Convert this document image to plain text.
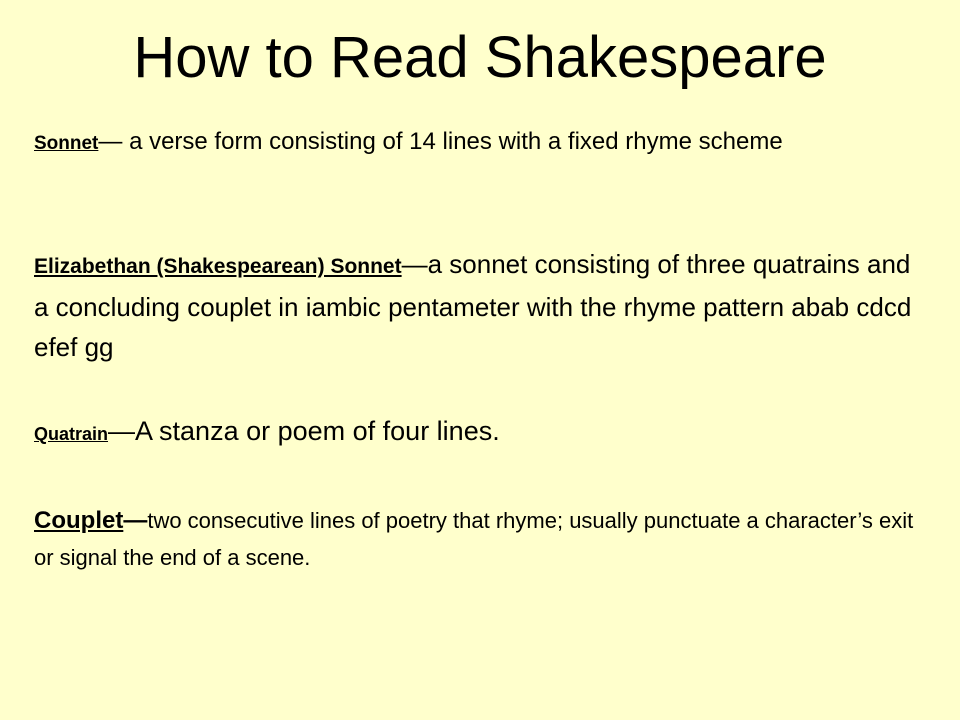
How to Read Shakespeare

Sonnet— a verse form consisting of 14 lines with a fixed rhyme scheme

Elizabethan (Shakespearean) Sonnet—a sonnet consisting of three quatrains and a concluding couplet in iambic pentameter with the rhyme pattern abab cdcd efef gg

Quatrain—A stanza or poem of four lines.

Couplet—two consecutive lines of poetry that rhyme; usually punctuate a character’s exit or signal the end of a scene.
